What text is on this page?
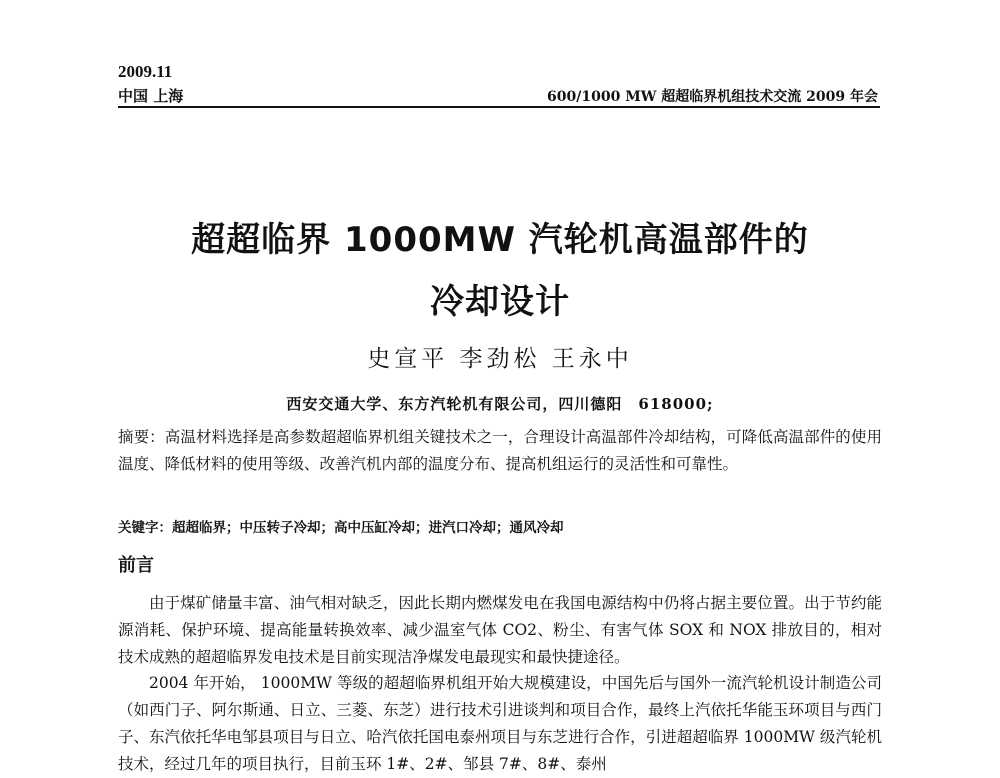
2009.11
中国 上海	600/1000 MW 超超临界机组技术交流 2009 年会
超超临界 1000MW 汽轮机高温部件的
冷却设计
史宣平 李劲松 王永中
西安交通大学、东方汽轮机有限公司，四川德阳　618000;
摘要：高温材料选择是高参数超超临界机组关键技术之一，合理设计高温部件冷却结构，可降低高温部件的使用温度、降低材料的使用等级、改善汽机内部的温度分布、提高机组运行的灵活性和可靠性。
关键字：超超临界；中压转子冷却；高中压缸冷却；进汽口冷却；通风冷却
前言
由于煤矿储量丰富、油气相对缺乏，因此长期内燃煤发电在我国电源结构中仍将占据主要位置。出于节约能源消耗、保护环境、提高能量转换效率、减少温室气体 CO2、粉尘、有害气体 SOX 和 NOX 排放目的，相对技术成熟的超超临界发电技术是目前实现洁净煤发电最现实和最快捷途径。
2004 年开始， 1000MW 等级的超超临界机组开始大规模建设，中国先后与国外一流汽轮机设计制造公司（如西门子、阿尔斯通、日立、三菱、东芝）进行技术引进谈判和项目合作，最终上汽依托华能玉环项目与西门子、东汽依托华电邹县项目与日立、哈汽依托国电泰州项目与东芝进行合作，引进超超临界 1000MW 级汽轮机技术，经过几年的项目执行，目前玉环 1#、2#、邹县 7#、8#、泰州
